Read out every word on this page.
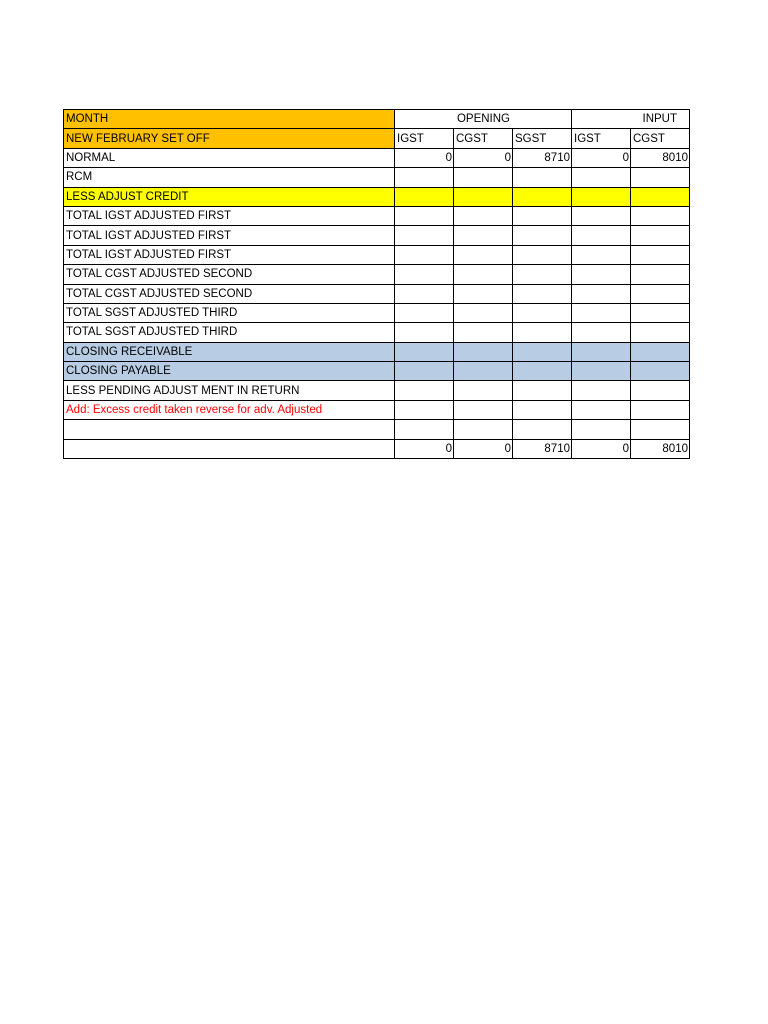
MONTH	OPENING			INPUT	
NEW FEBRUARY SET OFF	IGST	CGST	SGST	IGST	CGST
NORMAL	0	0	8710	0	8010
RCM					
LESS ADJUST CREDIT					
TOTAL IGST ADJUSTED FIRST					
TOTAL IGST ADJUSTED FIRST					
TOTAL IGST ADJUSTED FIRST					
TOTAL CGST ADJUSTED SECOND					
TOTAL CGST ADJUSTED SECOND					
TOTAL SGST ADJUSTED THIRD					
TOTAL SGST ADJUSTED THIRD					
CLOSING RECEIVABLE					
CLOSING PAYABLE					
LESS PENDING ADJUST MENT IN RETURN					
Add: Excess credit taken reverse for adv. Adjusted					

	0	0	8710	0	8010
